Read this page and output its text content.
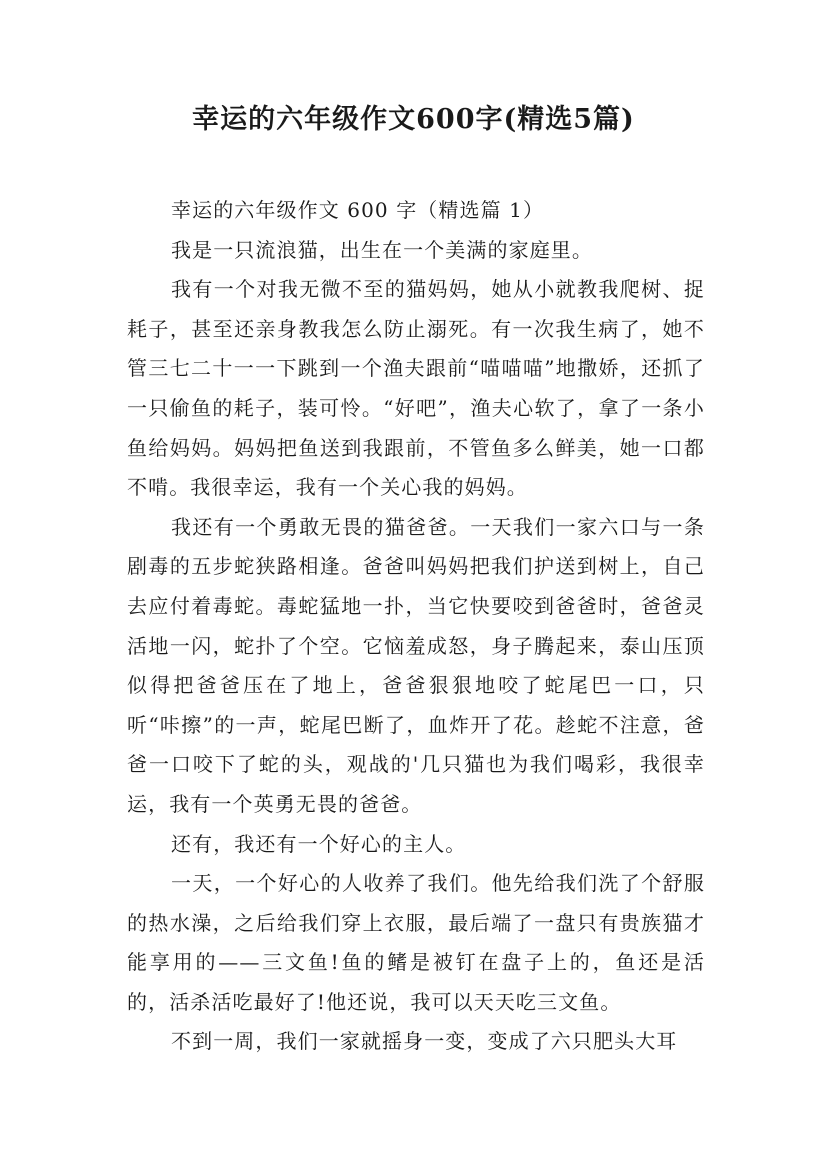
幸运的六年级作文600字(精选5篇)

幸运的六年级作文 600 字（精选篇 1）

我是一只流浪猫，出生在一个美满的家庭里。

我有一个对我无微不至的猫妈妈，她从小就教我爬树、捉耗子，甚至还亲身教我怎么防止溺死。有一次我生病了，她不管三七二十一一下跳到一个渔夫跟前“喵喵喵”地撒娇，还抓了一只偷鱼的耗子，装可怜。“好吧”，渔夫心软了，拿了一条小鱼给妈妈。妈妈把鱼送到我跟前，不管鱼多么鲜美，她一口都不啃。我很幸运，我有一个关心我的妈妈。

我还有一个勇敢无畏的猫爸爸。一天我们一家六口与一条剧毒的五步蛇狭路相逢。爸爸叫妈妈把我们护送到树上，自己去应付着毒蛇。毒蛇猛地一扑，当它快要咬到爸爸时，爸爸灵活地一闪，蛇扑了个空。它恼羞成怒，身子腾起来，泰山压顶似得把爸爸压在了地上，爸爸狠狠地咬了蛇尾巴一口，只听“咔擦”的一声，蛇尾巴断了，血炸开了花。趁蛇不注意，爸爸一口咬下了蛇的头，观战的'几只猫也为我们喝彩，我很幸运，我有一个英勇无畏的爸爸。

还有，我还有一个好心的主人。

一天，一个好心的人收养了我们。他先给我们洗了个舒服的热水澡，之后给我们穿上衣服，最后端了一盘只有贵族猫才能享用的——三文鱼!鱼的鳍是被钉在盘子上的，鱼还是活的，活杀活吃最好了!他还说，我可以天天吃三文鱼。

不到一周，我们一家就摇身一变，变成了六只肥头大耳
